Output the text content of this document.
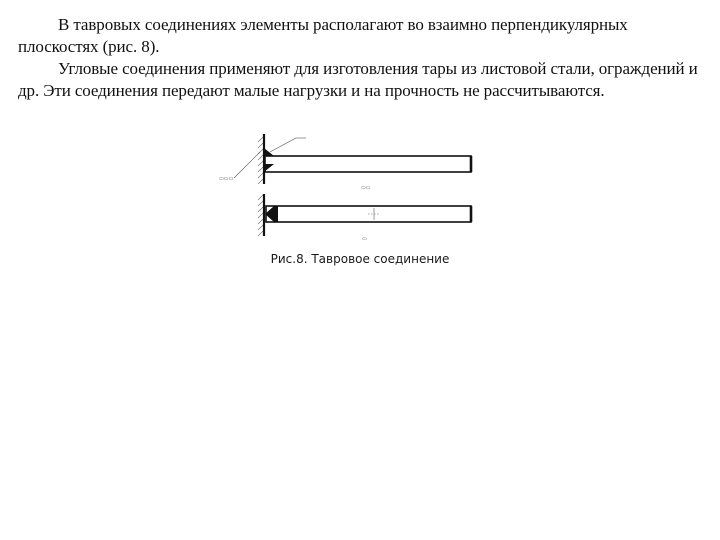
В тавровых соединениях элементы располагают во взаимно перпендикулярных плоскостях (рис. 8).

Угловые соединения применяют для изготовления тары из листовой стали, ограждений и др. Эти соединения передают малые нагрузки и на прочность не рассчитываются.

▭▭▭
▭▭
▭
Рис.8. Тавровое соединение
